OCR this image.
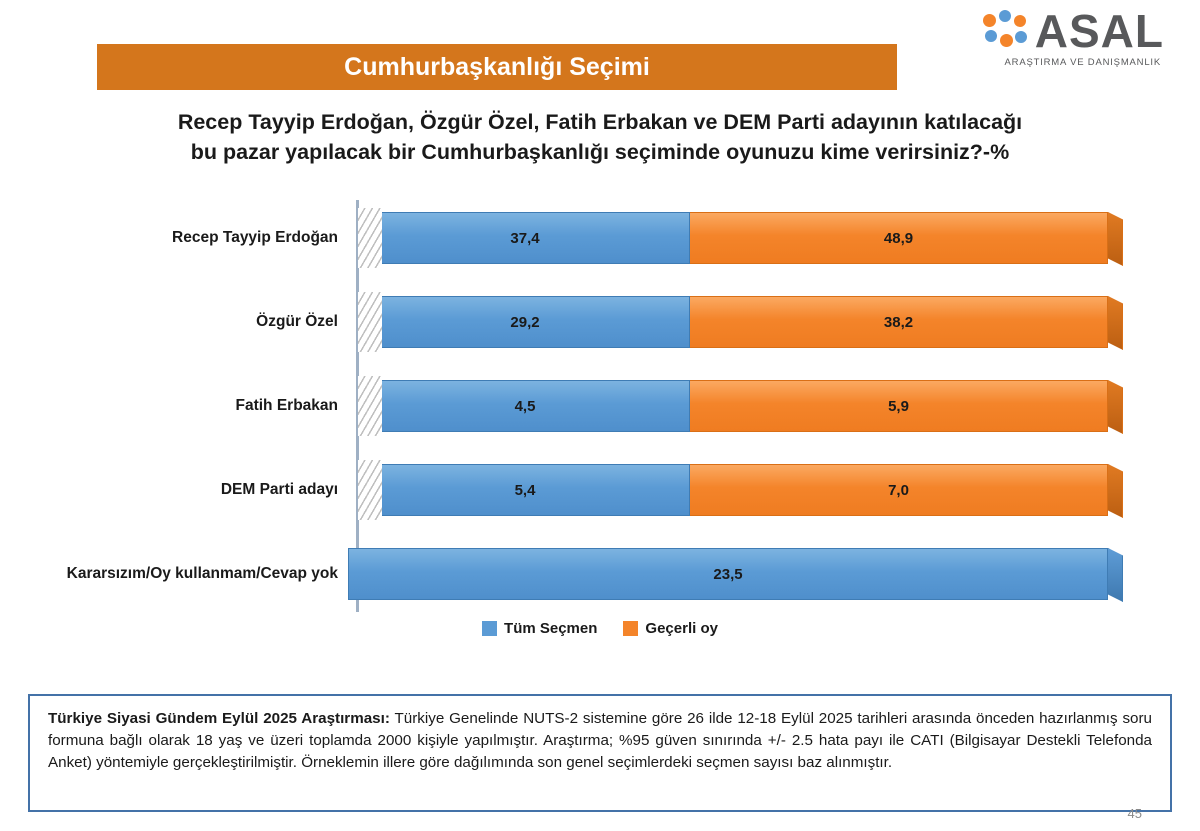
ASAL
ARAŞTIRMA VE DANIŞMANLIK
Cumhurbaşkanlığı Seçimi
Recep Tayyip Erdoğan, Özgür Özel, Fatih Erbakan ve DEM Parti adayının katılacağı
bu pazar yapılacak bir Cumhurbaşkanlığı seçiminde oyunuzu kime verirsiniz?-%
Recep Tayyip Erdoğan	37,4	48,9
Özgür Özel	29,2	38,2
Fatih Erbakan	4,5	5,9
DEM Parti adayı	5,4	7,0
Kararsızım/Oy kullanmam/Cevap yok	23,5
Tüm Seçmen	Geçerli oy
Türkiye Siyasi Gündem Eylül 2025 Araştırması: Türkiye Genelinde NUTS-2 sistemine göre 26 ilde 12-18 Eylül 2025 tarihleri arasında önceden hazırlanmış soru formuna bağlı olarak 18 yaş ve üzeri toplamda 2000 kişiyle yapılmıştır. Araştırma; %95 güven sınırında +/- 2.5 hata payı ile CATI (Bilgisayar Destekli Telefonda Anket) yöntemiyle gerçekleştirilmiştir. Örneklemin illere göre dağılımında son genel seçimlerdeki seçmen sayısı baz alınmıştır.
45
